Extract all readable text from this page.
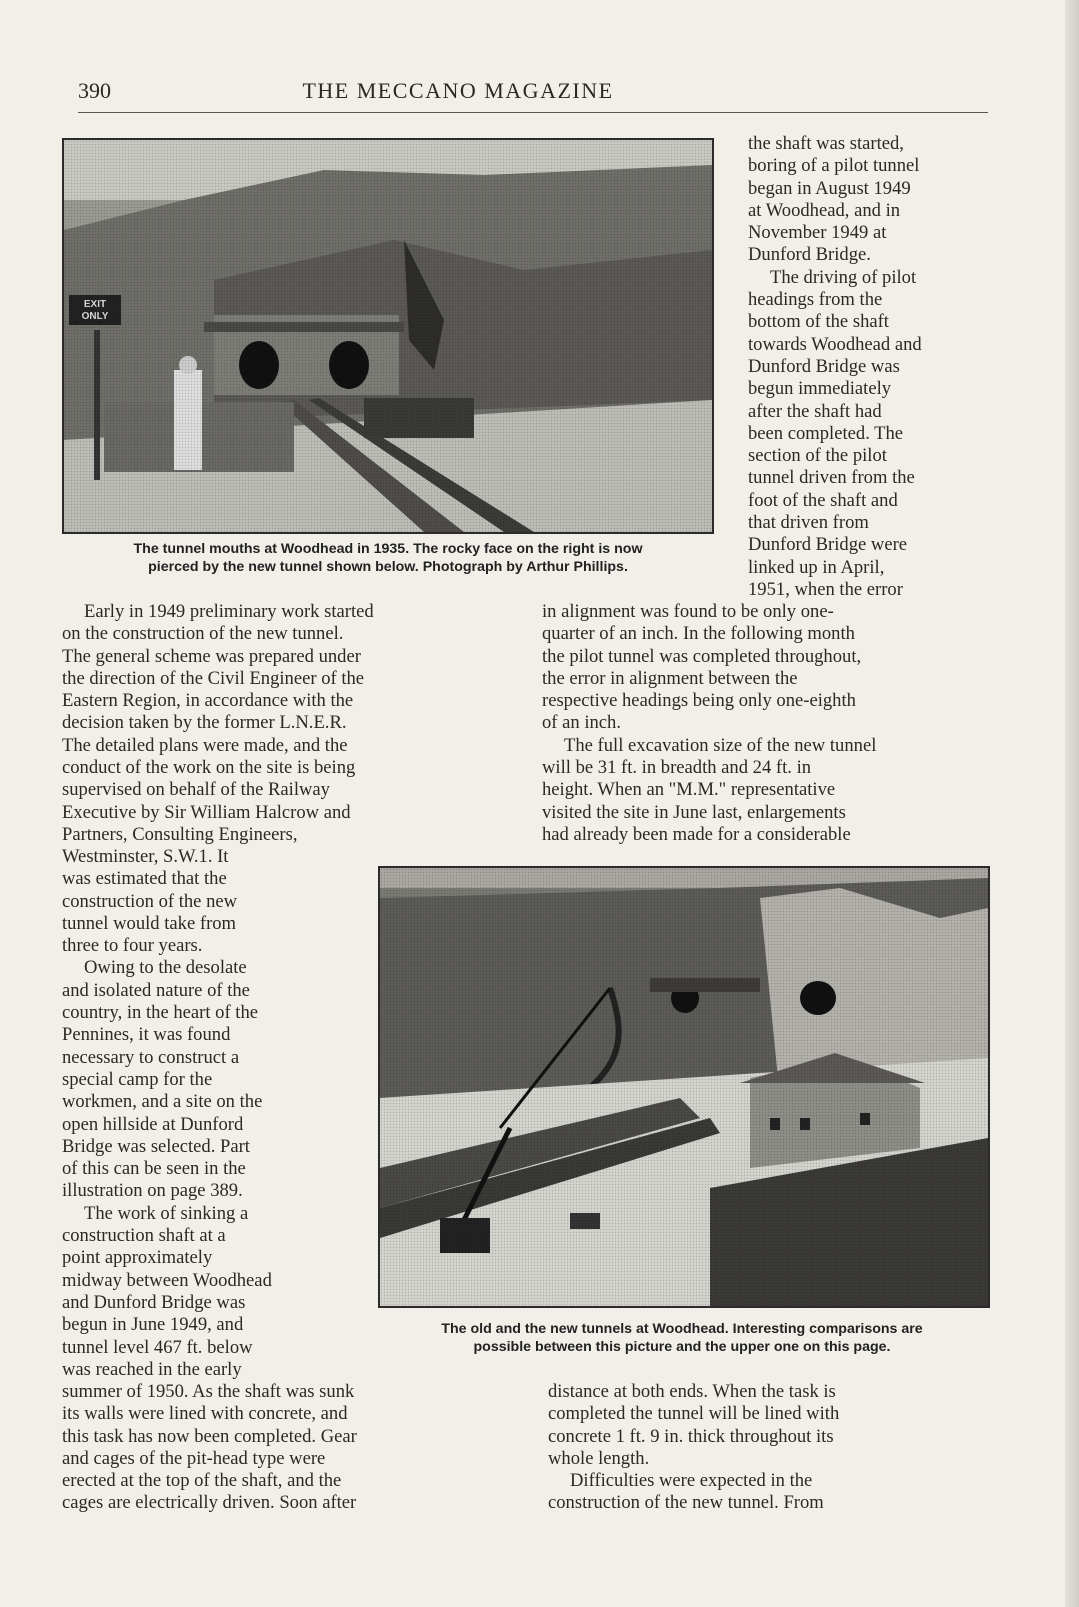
390	THE MECCANO MAGAZINE
The tunnel mouths at Woodhead in 1935. The rocky face on the right is now
pierced by the new tunnel shown below. Photograph by Arthur Phillips.

the shaft was started,

boring of a pilot tunnel

began in August 1949

at Woodhead, and in

November 1949 at

Dunford Bridge.

The driving of pilot

headings from the

bottom of the shaft

towards Woodhead and

Dunford Bridge was

begun immediately

after the shaft had

been completed. The

section of the pilot

tunnel driven from the

foot of the shaft and

that driven from

Dunford Bridge were

linked up in April,

1951, when the error

Early in 1949 preliminary work started

on the construction of the new tunnel.

The general scheme was prepared under

the direction of the Civil Engineer of the

Eastern Region, in accordance with the

decision taken by the former L.N.E.R.

The detailed plans were made, and the

conduct of the work on the site is being

supervised on behalf of the Railway

Executive by Sir William Halcrow and

Partners, Consulting Engineers,

Westminster, S.W.1. It

was estimated that the

construction of the new

tunnel would take from

three to four years.

Owing to the desolate

and isolated nature of the

country, in the heart of the

Pennines, it was found

necessary to construct a

special camp for the

workmen, and a site on the

open hillside at Dunford

Bridge was selected. Part

of this can be seen in the

illustration on page 389.

The work of sinking a

construction shaft at a

point approximately

midway between Woodhead

and Dunford Bridge was

begun in June 1949, and

tunnel level 467 ft. below

was reached in the early

in alignment was found to be only one-

quarter of an inch. In the following month

the pilot tunnel was completed throughout,

the error in alignment between the

respective headings being only one-eighth

of an inch.

The full excavation size of the new tunnel

will be 31 ft. in breadth and 24 ft. in

height. When an "M.M." representative

visited the site in June last, enlargements

had already been made for a considerable

The old and the new tunnels at Woodhead. Interesting comparisons are
possible between this picture and the upper one on this page.

summer of 1950. As the shaft was sunk

its walls were lined with concrete, and

this task has now been completed. Gear

and cages of the pit-head type were

erected at the top of the shaft, and the

cages are electrically driven. Soon after

distance at both ends. When the task is

completed the tunnel will be lined with

concrete 1 ft. 9 in. thick throughout its

whole length.

Difficulties were expected in the

construction of the new tunnel. From
